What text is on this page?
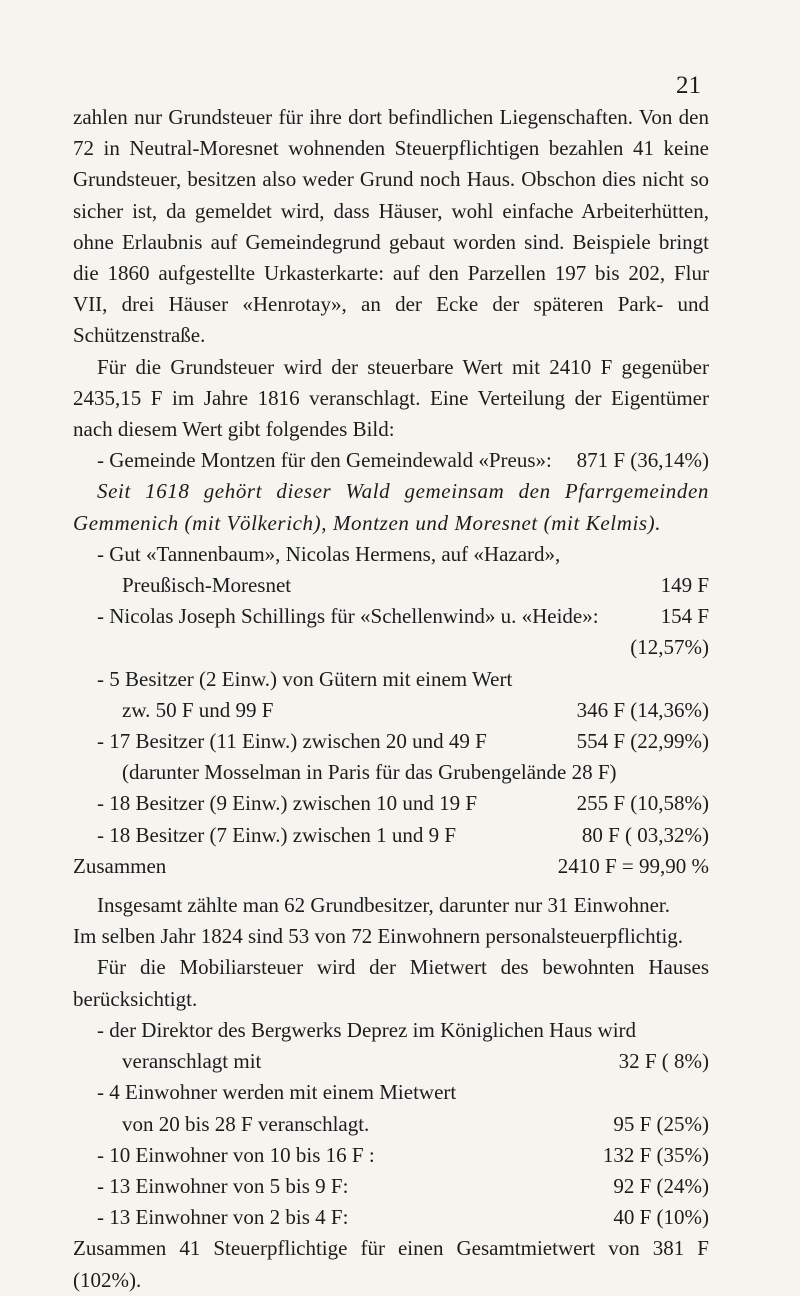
21
zahlen nur Grundsteuer für ihre dort befindlichen Liegenschaften. Von den 72 in Neutral-Moresnet wohnenden Steuerpflichtigen bezahlen 41 keine Grundsteuer, besitzen also weder Grund noch Haus. Obschon dies nicht so sicher ist, da gemeldet wird, dass Häuser, wohl einfache Arbeiterhütten, ohne Erlaubnis auf Gemeindegrund gebaut worden sind. Beispiele bringt die 1860 aufgestellte Urkasterkarte: auf den Parzellen 197 bis 202, Flur VII, drei Häuser «Henrotay», an der Ecke der späteren Park- und Schützenstraße.
Für die Grundsteuer wird der steuerbare Wert mit 2410 F gegenüber 2435,15 F im Jahre 1816 veranschlagt. Eine Verteilung der Eigentümer nach diesem Wert gibt folgendes Bild:
- Gemeinde Montzen für den Gemeindewald «Preus»: 871 F (36,14%)
Seit 1618 gehört dieser Wald gemeinsam den Pfarrgemeinden Gemmenich (mit Völkerich), Montzen und Moresnet (mit Kelmis).
- Gut «Tannenbaum», Nicolas Hermens, auf «Hazard»,
Preußisch-Moresnet	149 F
- Nicolas Joseph Schillings für «Schellenwind» u. «Heide»:	154 F
(12,57%)
- 5 Besitzer (2 Einw.) von Gütern mit einem Wert
zw. 50 F und 99 F	346 F (14,36%)
- 17 Besitzer (11 Einw.) zwischen 20 und 49 F	554 F (22,99%)
(darunter Mosselman in Paris für das Grubengelände 28 F)
- 18 Besitzer (9 Einw.) zwischen 10 und 19 F	255 F (10,58%)
- 18 Besitzer (7 Einw.) zwischen 1 und 9 F	80 F ( 03,32%)
Zusammen	2410 F = 99,90 %
Insgesamt zählte man 62 Grundbesitzer, darunter nur 31 Einwohner.
Im selben Jahr 1824 sind 53 von 72 Einwohnern personalsteuerpflichtig.
Für die Mobiliarsteuer wird der Mietwert des bewohnten Hauses berücksichtigt.
- der Direktor des Bergwerks Deprez im Königlichen Haus wird
veranschlagt mit	32 F ( 8%)
- 4 Einwohner werden mit einem Mietwert
von 20 bis 28 F veranschlagt.	95 F (25%)
- 10 Einwohner von 10 bis 16 F :	132 F (35%)
- 13 Einwohner von 5 bis 9 F:	92 F (24%)
- 13 Einwohner von 2 bis 4 F:	40 F (10%)
Zusammen 41 Steuerpflichtige für einen Gesamtmietwert von 381 F (102%).
